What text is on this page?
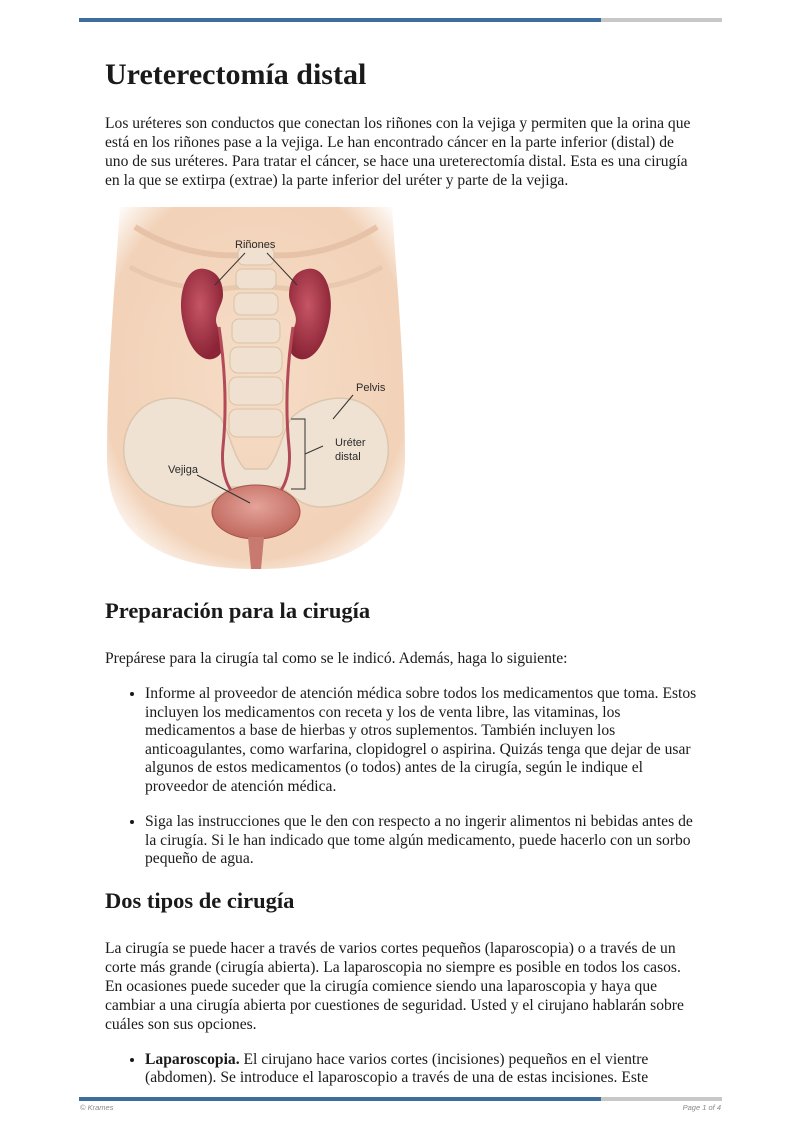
Ureterectomía distal

Los uréteres son conductos que conectan los riñones con la vejiga y permiten que la orina que está en los riñones pase a la vejiga. Le han encontrado cáncer en la parte inferior (distal) de uno de sus uréteres. Para tratar el cáncer, se hace una ureterectomía distal. Esta es una cirugía en la que se extirpa (extrae) la parte inferior del uréter y parte de la vejiga.

Riñones
Pelvis
Uréter
distal
Vejiga
Preparación para la cirugía

Prepárese para la cirugía tal como se le indicó. Además, haga lo siguiente:

• Informe al proveedor de atención médica sobre todos los medicamentos que toma. Estos incluyen los medicamentos con receta y los de venta libre, las vitaminas, los medicamentos a base de hierbas y otros suplementos. También incluyen los anticoagulantes, como warfarina, clopidogrel o aspirina. Quizás tenga que dejar de usar algunos de estos medicamentos (o todos) antes de la cirugía, según le indique el proveedor de atención médica.
• Siga las instrucciones que le den con respecto a no ingerir alimentos ni bebidas antes de la cirugía. Si le han indicado que tome algún medicamento, puede hacerlo con un sorbo pequeño de agua.
Dos tipos de cirugía

La cirugía se puede hacer a través de varios cortes pequeños (laparoscopia) o a través de un corte más grande (cirugía abierta). La laparoscopia no siempre es posible en todos los casos. En ocasiones puede suceder que la cirugía comience siendo una laparoscopia y haya que cambiar a una cirugía abierta por cuestiones de seguridad. Usted y el cirujano hablarán sobre cuáles son sus opciones.

• Laparoscopia. El cirujano hace varios cortes (incisiones) pequeños en el vientre (abdomen). Se introduce el laparoscopio a través de una de estas incisiones. Este
© Krames	Page 1 of 4
